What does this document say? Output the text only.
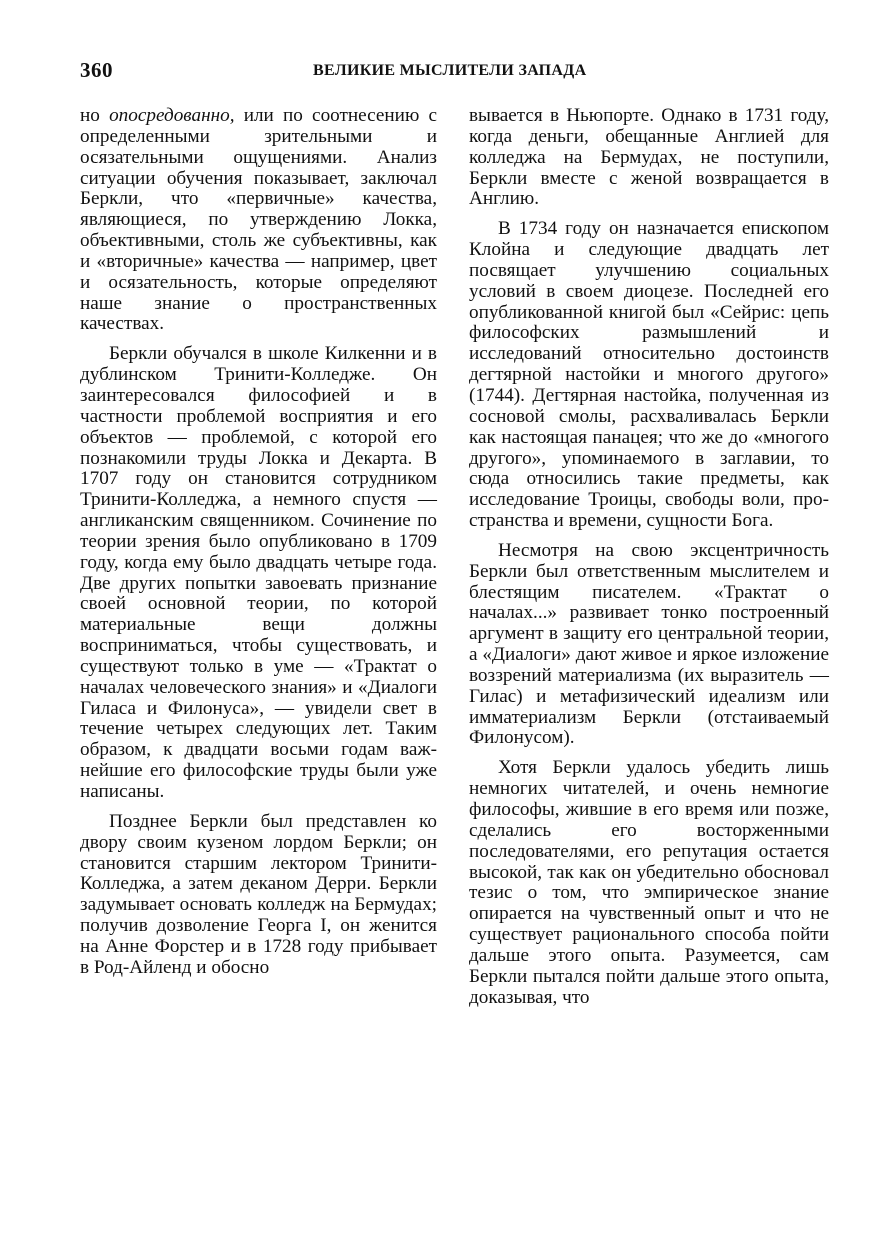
360	ВЕЛИКИЕ МЫСЛИТЕЛИ ЗАПАДА

но опосредованно, или по соотнесению с определенными зрительными и осязательными ощущениями. Анализ ситуации обучения показывает, заключал Беркли, что «первичные» качества, являющиеся, по утверждению Локка, объективными, столь же субъективны, как и «вторичные» качества — например, цвет и осязательность, которые определяют наше знание о пространственных качествах.

Беркли обучался в школе Килкенни и в дублинском Тринити-Колледже. Он заинтересовался философией и в частности проблемой восприятия и его объектов — проблемой, с которой его познакомили труды Локка и Декарта. В 1707 году он становится сотрудником Тринити-Колледжа, а немного спустя — англиканским священником. Сочинение по теории зрения было опубликовано в 1709 году, когда ему было двадцать четыре года. Две других попытки завоевать признание своей основной теории, по которой материальные вещи должны восприниматься, чтобы существовать, и существуют только в уме — «Трактат о началах человеческого знания» и «Диалоги Гиласа и Филонуса», — увидели свет в течение четырех следующих лет. Таким образом, к двадцати восьми годам важнейшие его философские труды были уже написаны.

Позднее Беркли был представлен ко двору своим кузеном лордом Беркли; он становится старшим лектором Тринити-Колледжа, а затем деканом Дерри. Беркли задумывает основать колледж на Бермудах; получив дозволение Георга I, он женится на Анне Форстер и в 1728 году прибывает в Род-Айленд и обосно

вывается в Ньюпорте. Однако в 1731 году, когда деньги, обещанные Англией для колледжа на Бермудах, не поступили, Беркли вместе с женой возвращается в Англию.

В 1734 году он назначается епископом Клойна и следующие двадцать лет посвящает улучшению социальных условий в своем диоцезе. Последней его опубликованной книгой был «Сейрис: цепь философских размышлений и исследований относительно достоинств дегтярной настойки и многого другого» (1744). Дегтярная настойка, полученная из сосновой смолы, расхваливалась Беркли как настоящая панацея; что же до «многого другого», упоминаемого в заглавии, то сюда относились такие предметы, как исследование Троицы, свободы воли, пространства и времени, сущности Бога.

Несмотря на свою эксцентричность Беркли был ответственным мыслителем и блестящим писателем. «Трактат о началах...» развивает тонко построенный аргумент в защиту его центральной теории, а «Диалоги» дают живое и яркое изложение воззрений материализма (их выразитель — Гилас) и метафизический идеализм или имматериализм Беркли (отстаиваемый Филонусом).

Хотя Беркли удалось убедить лишь немногих читателей, и очень немногие философы, жившие в его время или позже, сделались его восторженными последователями, его репутация остается высокой, так как он убедительно обосновал тезис о том, что эмпирическое знание опирается на чувственный опыт и что не существует рационального способа пойти дальше этого опыта. Разумеется, сам Беркли пытался пойти дальше этого опыта, доказывая, что
